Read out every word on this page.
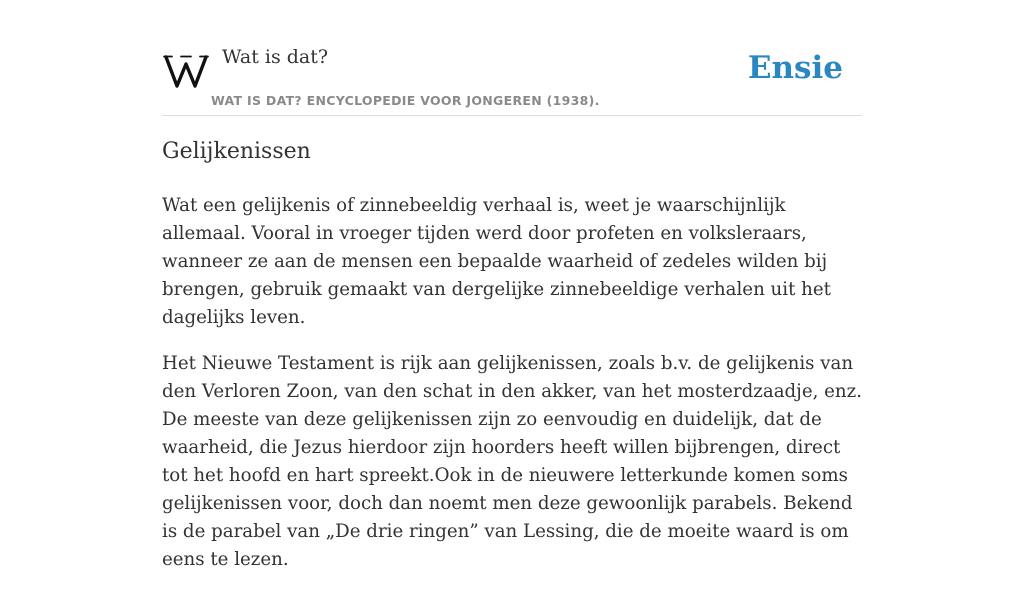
Wat is dat?
WAT IS DAT? ENCYCLOPEDIE VOOR JONGEREN (1938).
Ensie
Gelijkenissen

Wat een gelijkenis of zinnebeeldig verhaal is, weet je waarschijnlijk allemaal. Vooral in vroeger tijden werd door profeten en volksleraars, wanneer ze aan de mensen een bepaalde waarheid of zedeles wilden bij brengen, gebruik gemaakt van dergelijke zinnebeeldige verhalen uit het dagelijks leven.

Het Nieuwe Testament is rijk aan gelijkenissen, zoals b.v. de gelijkenis van den Verloren Zoon, van den schat in den akker, van het mosterdzaadje, enz. De meeste van deze gelijkenissen zijn zo eenvoudig en duidelijk, dat de waarheid, die Jezus hierdoor zijn hoorders heeft willen bijbrengen, direct tot het hoofd en hart spreekt.Ook in de nieuwere letterkunde komen soms gelijkenissen voor, doch dan noemt men deze gewoonlijk parabels. Bekend is de parabel van „De drie ringen” van Lessing, die de moeite waard is om eens te lezen.
